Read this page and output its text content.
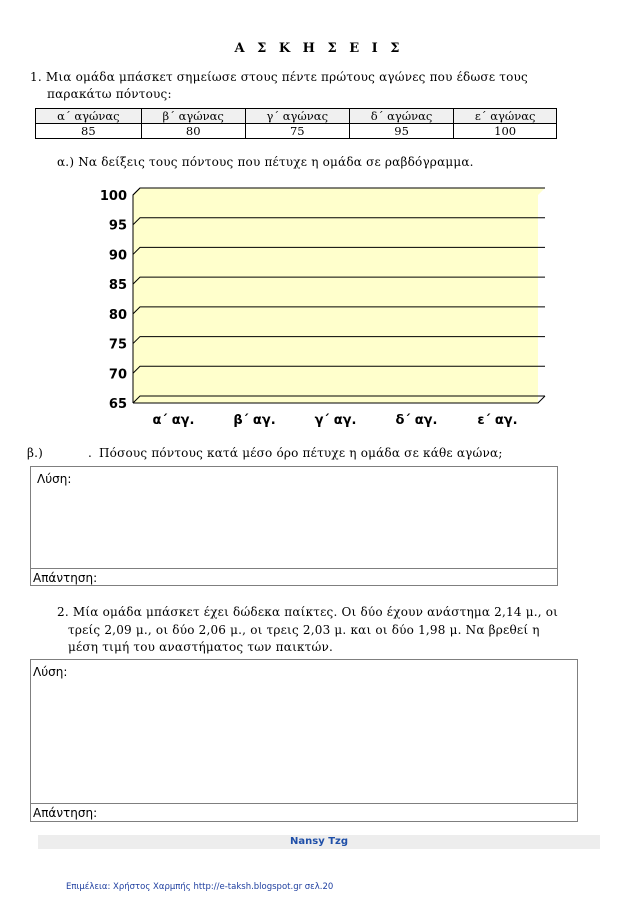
Α Σ Κ Η Σ Ε Ι Σ
1. Μια ομάδα μπάσκετ σημείωσε στους πέντε πρώτους αγώνες που έδωσε τους
παρακάτω πόντους:
α΄ αγώνας	β΄ αγώνας	γ΄ αγώνας	δ΄ αγώνας	ε΄ αγώνας
85	80	75	95	100
α.) Να δείξεις τους πόντους που πέτυχε η ομάδα σε ραβδόγραμμα.
65
70
75
80
85
90
95
100
α΄ αγ.	β΄ αγ.	γ΄ αγ.	δ΄ αγ.	ε΄ αγ.
β.)	. Πόσους πόντους κατά μέσο όρο πέτυχε η ομάδα σε κάθε αγώνα;
Λύση:
Απάντηση:
2. Μία ομάδα μπάσκετ έχει δώδεκα παίκτες. Οι δύο έχουν ανάστημα 2,14 μ., οι
τρείς 2,09 μ., οι δύο 2,06 μ., οι τρεις 2,03 μ. και οι δύο 1,98 μ. Να βρεθεί η
μέση τιμή του αναστήματος των παικτών.
Λύση:
Απάντηση:
Nansy Tzg
Επιμέλεια: Χρήστος Χαρμπής http://e-taksh.blogspot.gr σελ.20
